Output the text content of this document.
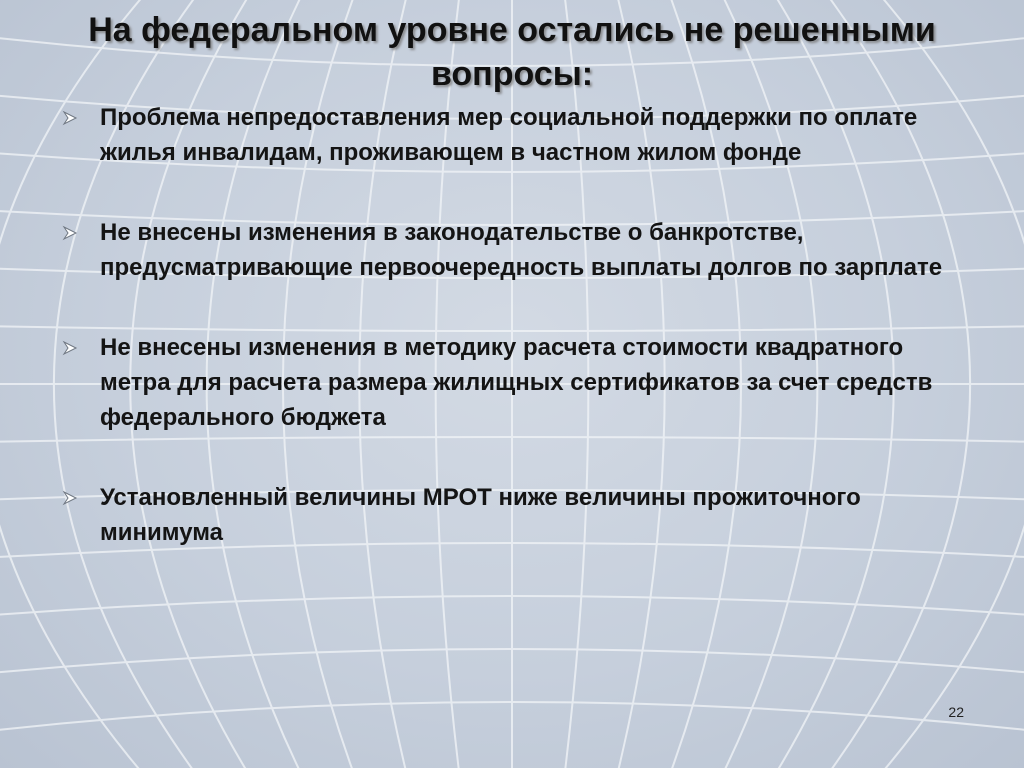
На федеральном уровне остались не решенными вопросы:
Проблема непредоставления мер социальной поддержки по оплате жилья инвалидам, проживающем в частном жилом фонде
Не внесены изменения в законодательстве о банкротстве, предусматривающие первоочередность выплаты долгов по зарплате
Не внесены изменения в методику расчета стоимости квадратного метра для расчета размера жилищных сертификатов за счет средств федерального бюджета
Установленный величины МРОТ ниже величины прожиточного минимума
22
